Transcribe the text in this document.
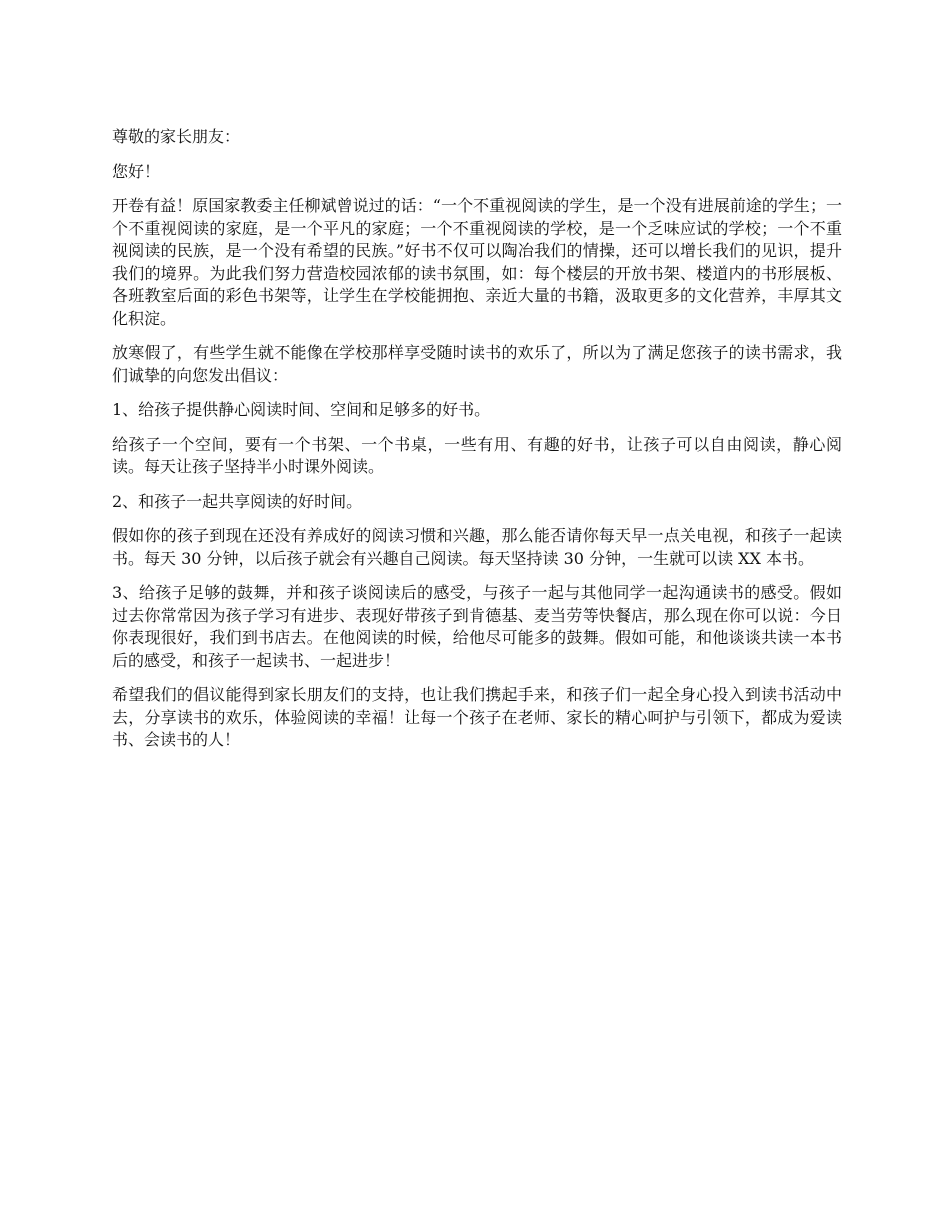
尊敬的家长朋友：

您好！

开卷有益！原国家教委主任柳斌曾说过的话：“一个不重视阅读的学生，是一个没有进展前途的学生；一个不重视阅读的家庭，是一个平凡的家庭；一个不重视阅读的学校，是一个乏味应试的学校；一个不重视阅读的民族，是一个没有希望的民族。”好书不仅可以陶冶我们的情操，还可以增长我们的见识，提升我们的境界。为此我们努力营造校园浓郁的读书氛围，如：每个楼层的开放书架、楼道内的书形展板、各班教室后面的彩色书架等，让学生在学校能拥抱、亲近大量的书籍，汲取更多的文化营养，丰厚其文化积淀。

放寒假了，有些学生就不能像在学校那样享受随时读书的欢乐了，所以为了满足您孩子的读书需求，我们诚挚的向您发出倡议：

1、给孩子提供静心阅读时间、空间和足够多的好书。

给孩子一个空间，要有一个书架、一个书桌，一些有用、有趣的好书，让孩子可以自由阅读，静心阅读。每天让孩子坚持半小时课外阅读。

2、和孩子一起共享阅读的好时间。

假如你的孩子到现在还没有养成好的阅读习惯和兴趣，那么能否请你每天早一点关电视，和孩子一起读书。每天 30 分钟，以后孩子就会有兴趣自己阅读。每天坚持读 30 分钟，一生就可以读 XX 本书。

3、给孩子足够的鼓舞，并和孩子谈阅读后的感受，与孩子一起与其他同学一起沟通读书的感受。假如过去你常常因为孩子学习有进步、表现好带孩子到肯德基、麦当劳等快餐店，那么现在你可以说：今日你表现很好，我们到书店去。在他阅读的时候，给他尽可能多的鼓舞。假如可能，和他谈谈共读一本书后的感受，和孩子一起读书、一起进步！

希望我们的倡议能得到家长朋友们的支持，也让我们携起手来，和孩子们一起全身心投入到读书活动中去，分享读书的欢乐，体验阅读的幸福！让每一个孩子在老师、家长的精心呵护与引领下，都成为爱读书、会读书的人！
